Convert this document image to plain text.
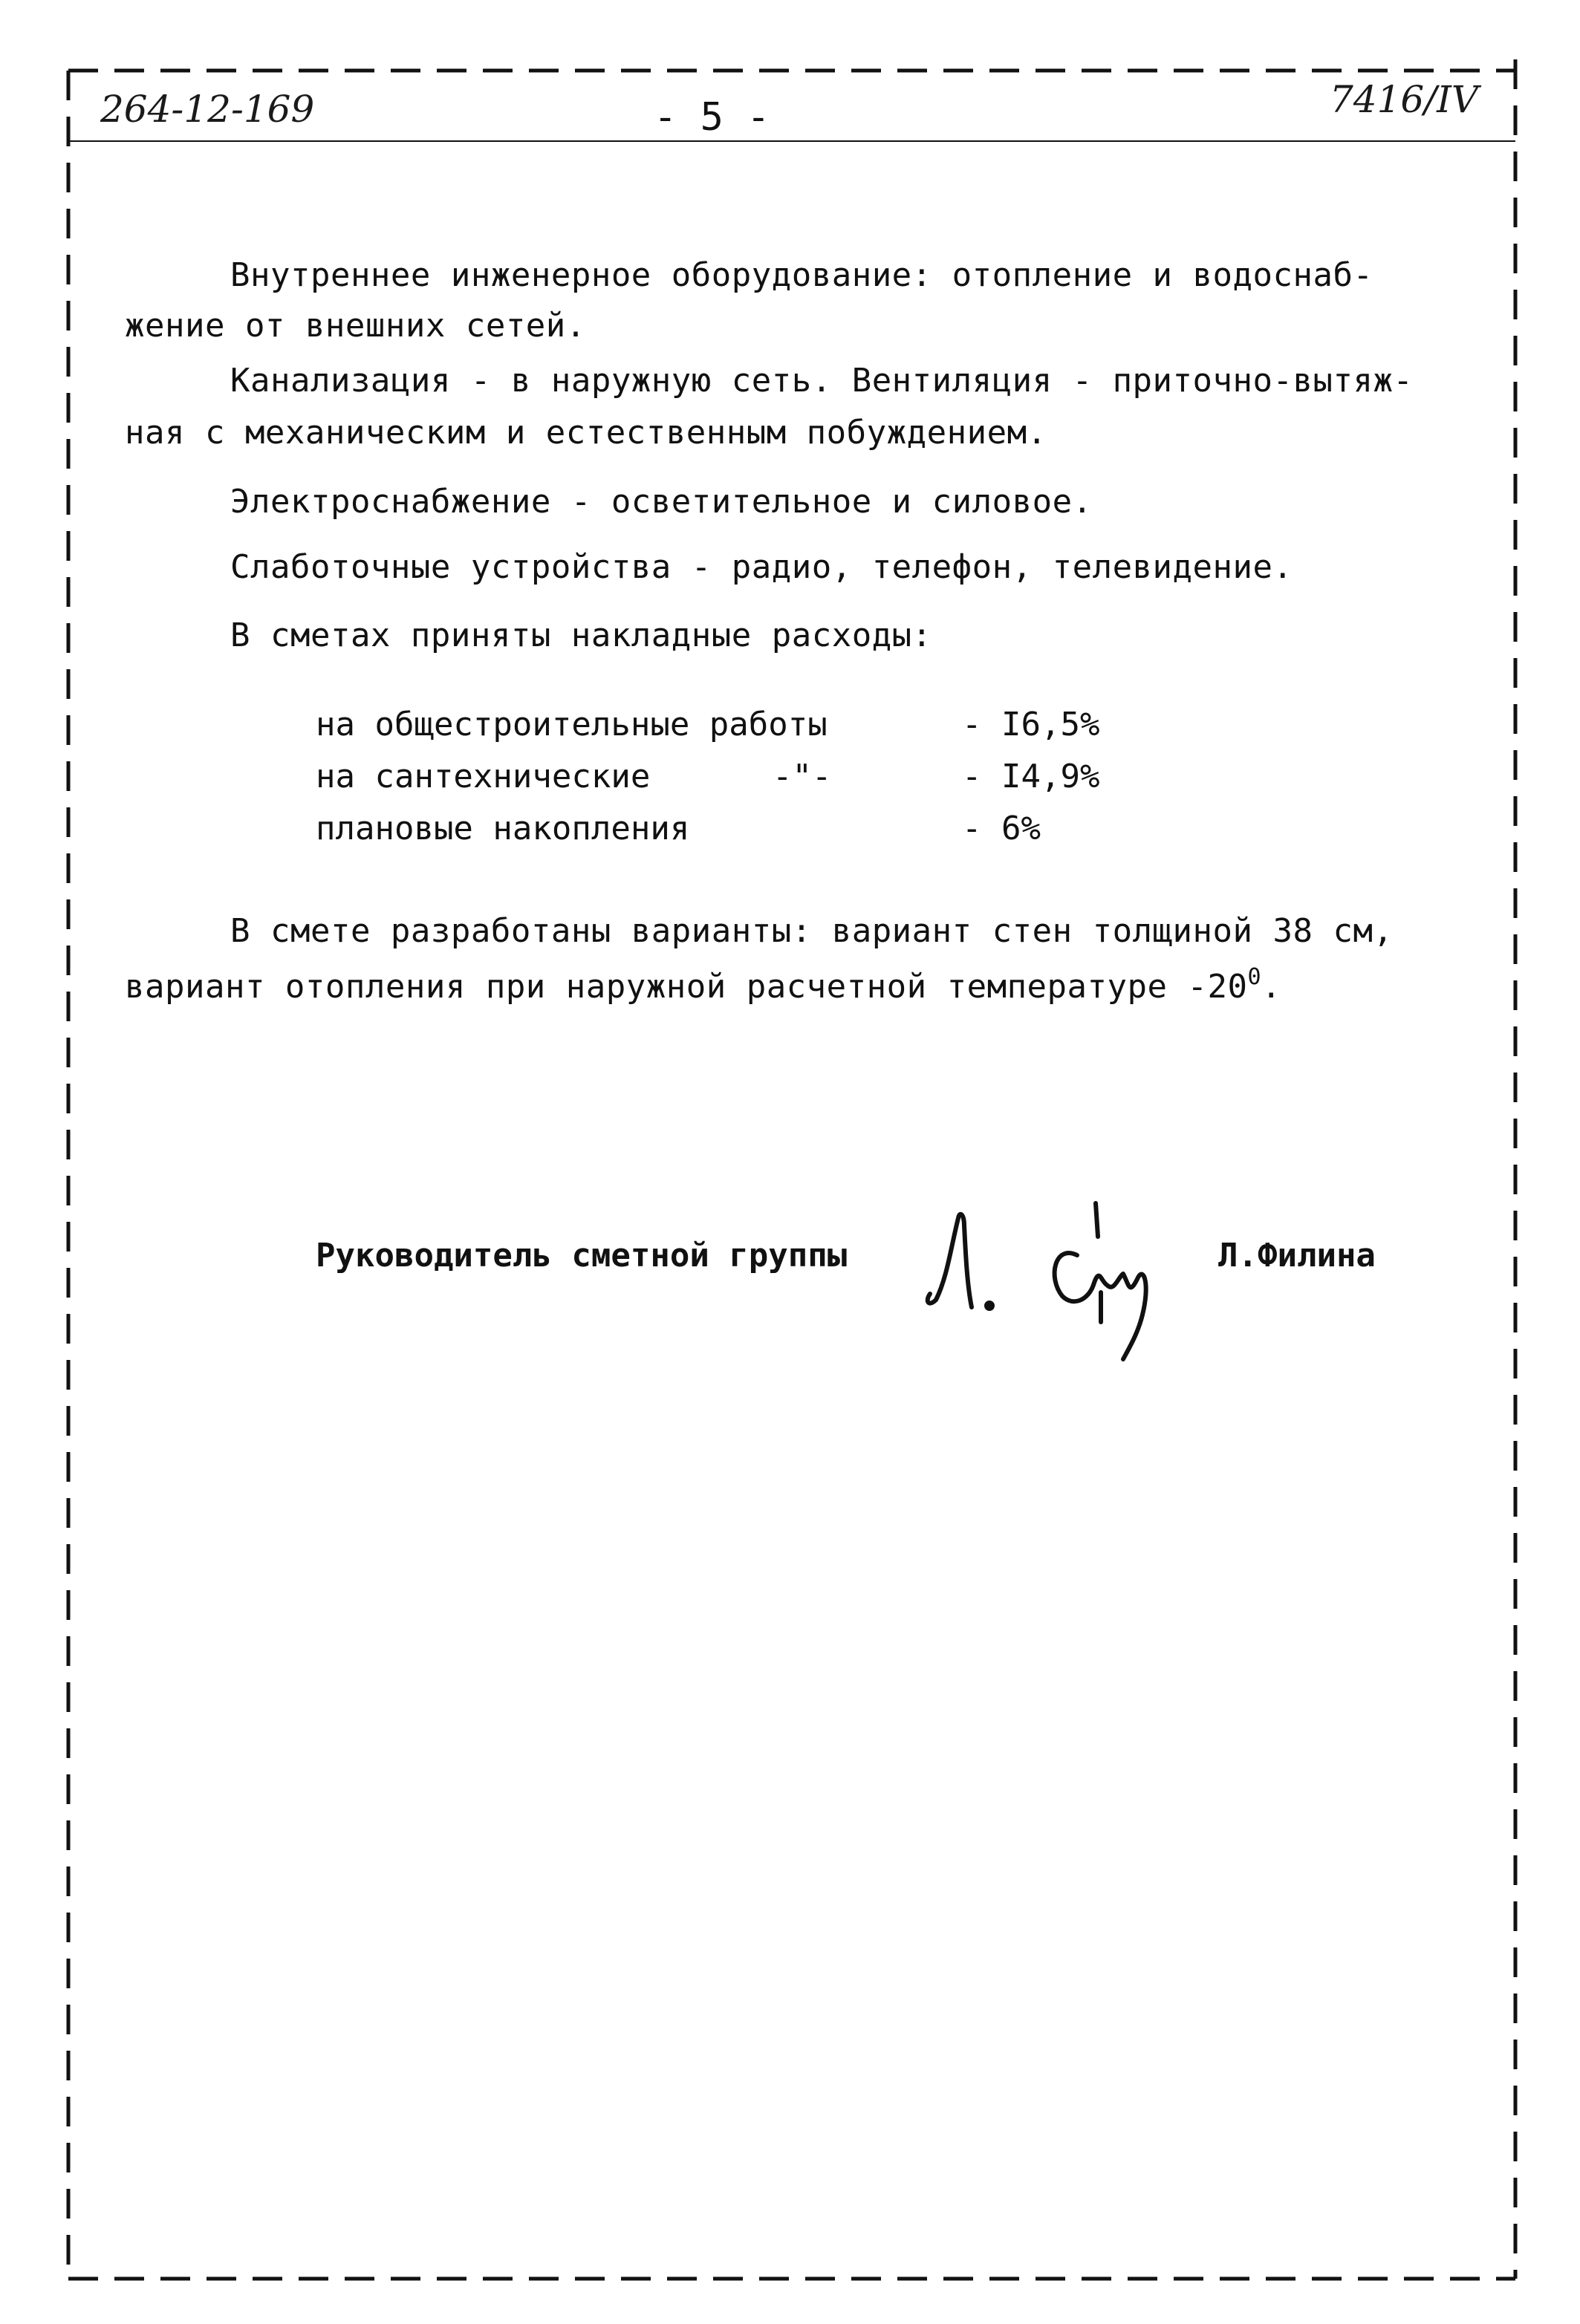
264-12-169	- 5 -	7416/IV
Внутреннее инженерное оборудование: отопление и водоснаб-
жение от внешних сетей.
Канализация - в наружную сеть. Вентиляция - приточно-вытяж-
ная с механическим и естественным побуждением.
Электроснабжение - осветительное и силовое.
Слаботочные устройства - радио, телефон, телевидение.
В сметах приняты накладные расходы:
на общестроительные работы	- I6,5%
на сантехнические	-"-	- I4,9%
плановые накопления	- 6%
В смете разработаны варианты: вариант стен толщиной 38 см,
вариант отопления при наружной расчетной температуре $-20^0$.
Руководитель сметной группы	Л.Филина
